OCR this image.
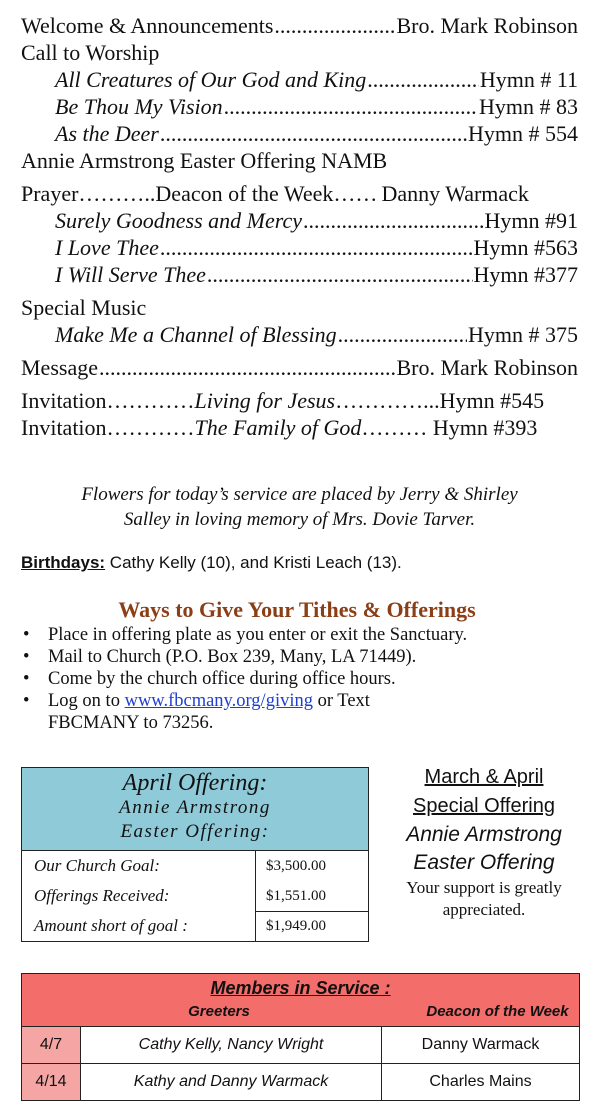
Welcome & Announcements .....	Bro. Mark Robinson
Call to Worship
All Creatures of Our God and King .....	Hymn # 11
Be Thou My Vision .....	Hymn # 83
As the Deer .....	Hymn # 554
Annie Armstrong Easter Offering NAMB
Prayer………..Deacon of the Week…… Danny Warmack
Surely Goodness and Mercy .....	Hymn #91
I Love Thee .....	Hymn #563
I Will Serve Thee .....	Hymn #377
Special Music
Make Me a Channel of Blessing .....	Hymn # 375
Message .....	Bro. Mark Robinson
Invitation………… Living for Jesus …………...Hymn #545
Invitation………… The Family of God ……… Hymn #393
Flowers for today’s service are placed by Jerry & Shirley
Salley in loving memory of Mrs. Dovie Tarver.
Birthdays: Cathy Kelly (10), and Kristi Leach (13).
Ways to Give Your Tithes & Offerings
• Place in offering plate as you enter or exit the Sanctuary.
• Mail to Church (P.O. Box 239, Many, LA 71449).
• Come by the church office during office hours.
• Log on to www.fbcmany.org/giving or Text
FBCMANY to 73256.
April Offering:
Annie Armstrong
Easter Offering:
Our Church Goal:	$3,500.00
Offerings Received:	$1,551.00
Amount short of goal :	$1,949.00
March & April
Special Offering
Annie Armstrong
Easter Offering
Your support is greatly
appreciated.
Members in Service :
Greeters Deacon of the Week		

4/7	Cathy Kelly, Nancy Wright	Danny Warmack
4/14	Kathy and Danny Warmack	Charles Mains
